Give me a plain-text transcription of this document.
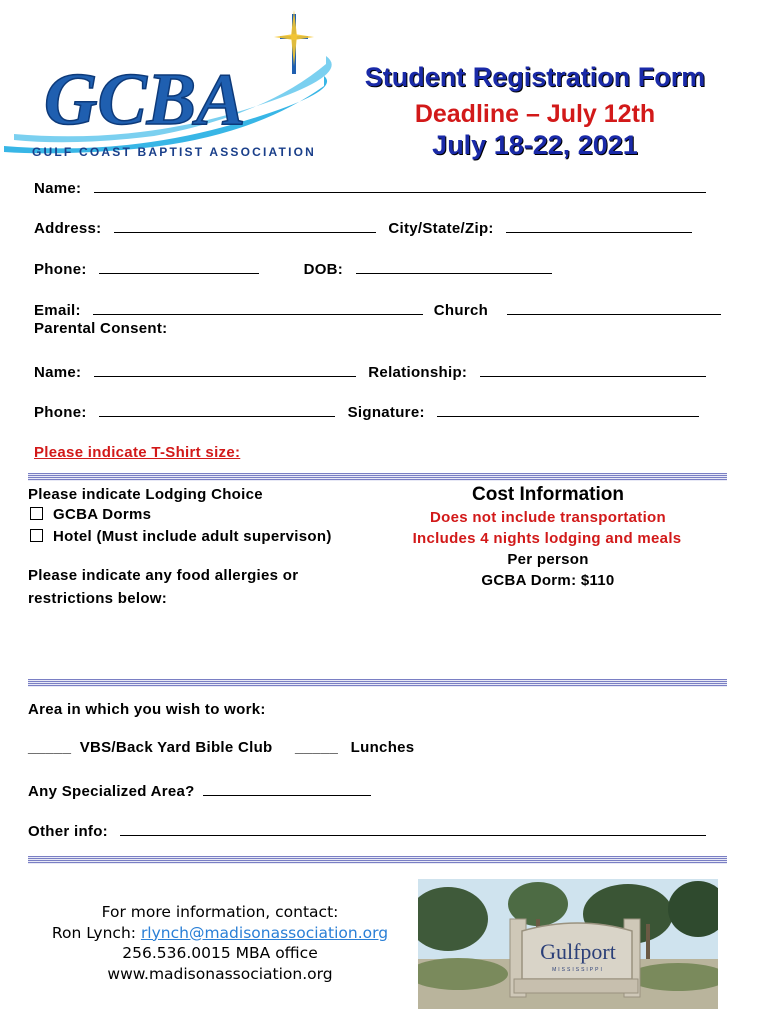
GCBA
GULF COAST BAPTIST ASSOCIATION
Student Registration Form
Deadline – July 12th
July 18-22, 2021
Name:
Address:	City/State/Zip:
Phone:	DOB:
Email:	Church
Parental Consent:
Name:	Relationship:
Phone:	Signature:
Please indicate T-Shirt size:
Please indicate Lodging Choice
GCBA Dorms
Hotel (Must include adult supervison)
Please indicate any food allergies or
restrictions below:
Cost Information
Does not include transportation
Includes 4 nights lodging and meals
Per person
GCBA Dorm: $110
Area in which you wish to work:
_____ VBS/Back Yard Bible Club _____ Lunches
Any Specialized Area?
Other info:
For more information, contact:
Ron Lynch: rlynch@madisonassociation.org
256.536.0015 MBA office
www.madisonassociation.org
Gulfport
MISSISSIPPI
